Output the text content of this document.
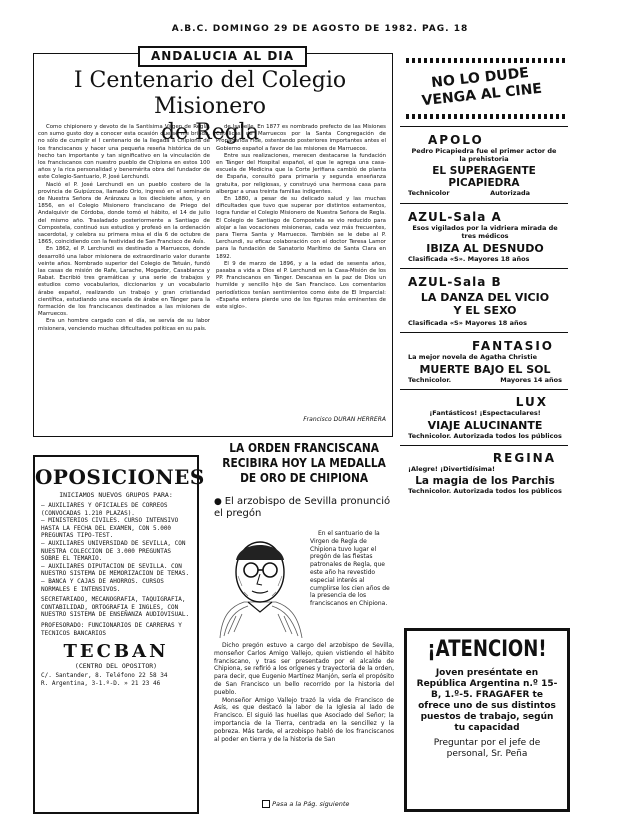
A.B.C. DOMINGO 29 DE AGOSTO DE 1982. PAG. 18
ANDALUCIA AL DIA
I Centenario del Colegio Misionero
de Regla

Como chipionero y devoto de la Santísima Virgen de Regla, con sumo gusto doy a conocer esta ocasión que se me brinda, no sólo de cumplir el I centenario de la llegada a Chipiona de los franciscanos y hacer una pequeña reseña histórica de un hecho tan importante y tan significativo en la vinculación de los franciscanos con nuestro pueblo de Chipiona en estos 100 años y la rica personalidad y benemérita obra del fundador de este Colegio-Santuario, P. José Lerchundi.

Nació el P. José Lerchundi en un pueblo costero de la provincia de Guipúzcoa, llamado Orio, ingresó en el seminario de Nuestra Señora de Aránzazu a los diecisiete años, y en 1856, en el Colegio Misionero franciscano de Priego del Andalquivir de Córdoba, donde tomó el hábito, el 14 de julio del mismo año. Trasladado posteriormente a Santiago de Compostela, continuó sus estudios y profesó en la ordenación sacerdotal, y celebra su primera misa el día 6 de octubre de 1865, coincidiendo con la festividad de San Francisco de Asís.

En 1862, el P. Lerchundi es destinado a Marruecos, donde desarrolló una labor misionera de extraordinario valor durante veinte años. Nombrado superior del Colegio de Tetuán, fundó las casas de misión de Rafe, Larache, Mogador, Casablanca y Rabat. Escribió tres gramáticas y una serie de trabajos y estudios como vocabularios, diccionarios y un vocabulario árabe español, realizando un trabajo y gran cristiandad científica, estudiando una escuela de árabe en Tánger para la formación de los franciscanos destinados a las misiones de Marruecos.

Era un hombre cargado con el día, se servía de su labor misionera, venciendo muchas dificultades políticas en su país.

de Isabelle. En 1877 es nombrado prefecto de las Misiones Católicas de Marruecos por la Santa Congregación de Propaganda Fide, ostentando posteriores importantes antes el Gobierno español a favor de las misiones de Marruecos.

Entre sus realizaciones, merecen destacarse la fundación en Tánger del Hospital español, el que le agrega una casa-escuela de Medicina que la Corte Jerifiana cambió de planta de España, consultó para primaria y segunda enseñanza gratuita, por religiosas, y construyó una hermosa casa para albergar a unas treinta familias indigentes.

En 1880, a pesar de su delicado salud y las muchas dificultades que tuvo que superar por distintos estamentos, logra fundar el Colegio Misionero de Nuestra Señora de Regla. El Colegio de Santiago de Compostela se vio reducido para alojar a las vocaciones misioneras, cada vez más frecuentes, para Tierra Santa y Marruecos. También se le debe al P. Lerchundi, su eficaz colaboración con el doctor Teresa Lamor para la fundación de Sanatorio Marítimo de Santa Clara en 1892.

El 9 de marzo de 1896, y a la edad de sesenta años, pasaba a vida a Dios el P. Lerchundi en la Casa-Misión de los PP. Franciscanos en Tánger. Descansa en la paz de Dios un humilde y sencillo hijo de San Francisco. Los comentarios periodísticos tenían sentimientos como éste de El Imparcial: «España entera pierde uno de los figuras más eminentes de este siglo».

Francisco DURAN HERRERA
OPOSICIONES
INICIAMOS NUEVOS GRUPOS PARA:
— AUXILIARES Y OFICIALES DE CORREOS (CONVOCADAS 1.210 PLAZAS).
— MINISTERIOS CIVILES. CURSO INTENSIVO HASTA LA FECHA DEL EXAMEN, CON 5.000 PREGUNTAS TIPO-TEST.
— AUXILIARES UNIVERSIDAD DE SEVILLA, CON NUESTRA COLECCION DE 3.000 PREGUNTAS SOBRE EL TEMARIO.
— AUXILIARES DIPUTACION DE SEVILLA. CON NUESTRO SISTEMA DE MEMORIZACION DE TEMAS.
— BANCA Y CAJAS DE AHORROS. CURSOS NORMALES E INTENSIVOS.
SECRETARIADO, MECANOGRAFIA, TAQUIGRAFIA, CONTABILIDAD, ORTOGRAFIA E INGLES, CON NUESTRO SISTEMA DE ENSEÑANZA AUDIOVISUAL.
PROFESORADO: FUNCIONARIOS DE CARRERAS Y TECNICOS BANCARIOS
TECBAN
(CENTRO DEL OPOSITOR)
C/. Santander, 8. Teléfono 22 58 34
R. Argentina, 3-1.º-D. » 21 23 46
LA ORDEN FRANCISCANA RECIBIRA HOY LA MEDALLA DE ORO DE CHIPIONA
● El arzobispo de Sevilla pronunció el pregón

En el santuario de la Virgen de Regla de Chipiona tuvo lugar el pregón de las fiestas patronales de Regla, que este año ha revestido especial interés al cumplirse los cien años de la presencia de los franciscanos en Chipiona.

Dicho pregón estuvo a cargo del arzobispo de Sevilla, monseñor Carlos Amigo Vallejo, quien vistiendo el hábito franciscano, y tras ser presentado por el alcalde de Chipiona, se refirió a los orígenes y trayectoria de la orden, para decir, que Eugenio Martínez Manjón, sería el propósito de San Francisco un bello recorrido por la historia del pueblo.

Monseñor Amigo Vallejo trazó la vida de Francisco de Asís, es que destacó la labor de la Iglesia al lado de Francisco. El siguió las huellas que Asociado del Señor; la importancia de la Tierra, centrada en la sencillez y la pobreza. Más tarde, el arzobispo habló de los franciscanos al poder en tierra y de la historia de San

Pasa a la Pág. siguiente
NO LO DUDE VENGA AL CINE
APOLO
Pedro Picapiedra fue el primer actor de la prehistoria
EL SUPERAGENTE PICAPIEDRA
Technicolor	Autorizada
AZUL-Sala A
Esos vigilados por la vidriera mirada de tres médicos
IBIZA AL DESNUDO
Clasificada «S». Mayores 18 años
AZUL-Sala B
LA DANZA DEL VICIO
Y EL SEXO
Clasificada «S» Mayores 18 años
FANTASIO
La mejor novela de Agatha Christie
MUERTE BAJO EL SOL
Technicolor.	Mayores 14 años
LUX
¡Fantásticos! ¡Espectaculares!
VIAJE ALUCINANTE
Technicolor. Autorizada todos los públicos
REGINA
¡Alegre! ¡Divertidísima!
La magia de los Parchis
Technicolor. Autorizada todos los públicos
¡ATENCION!
Joven preséntate en República Argentina n.º 15-B, 1.º-5. FRAGAFER te ofrece uno de sus distintos puestos de trabajo, según tu capacidad
Preguntar por el jefe de personal, Sr. Peña
